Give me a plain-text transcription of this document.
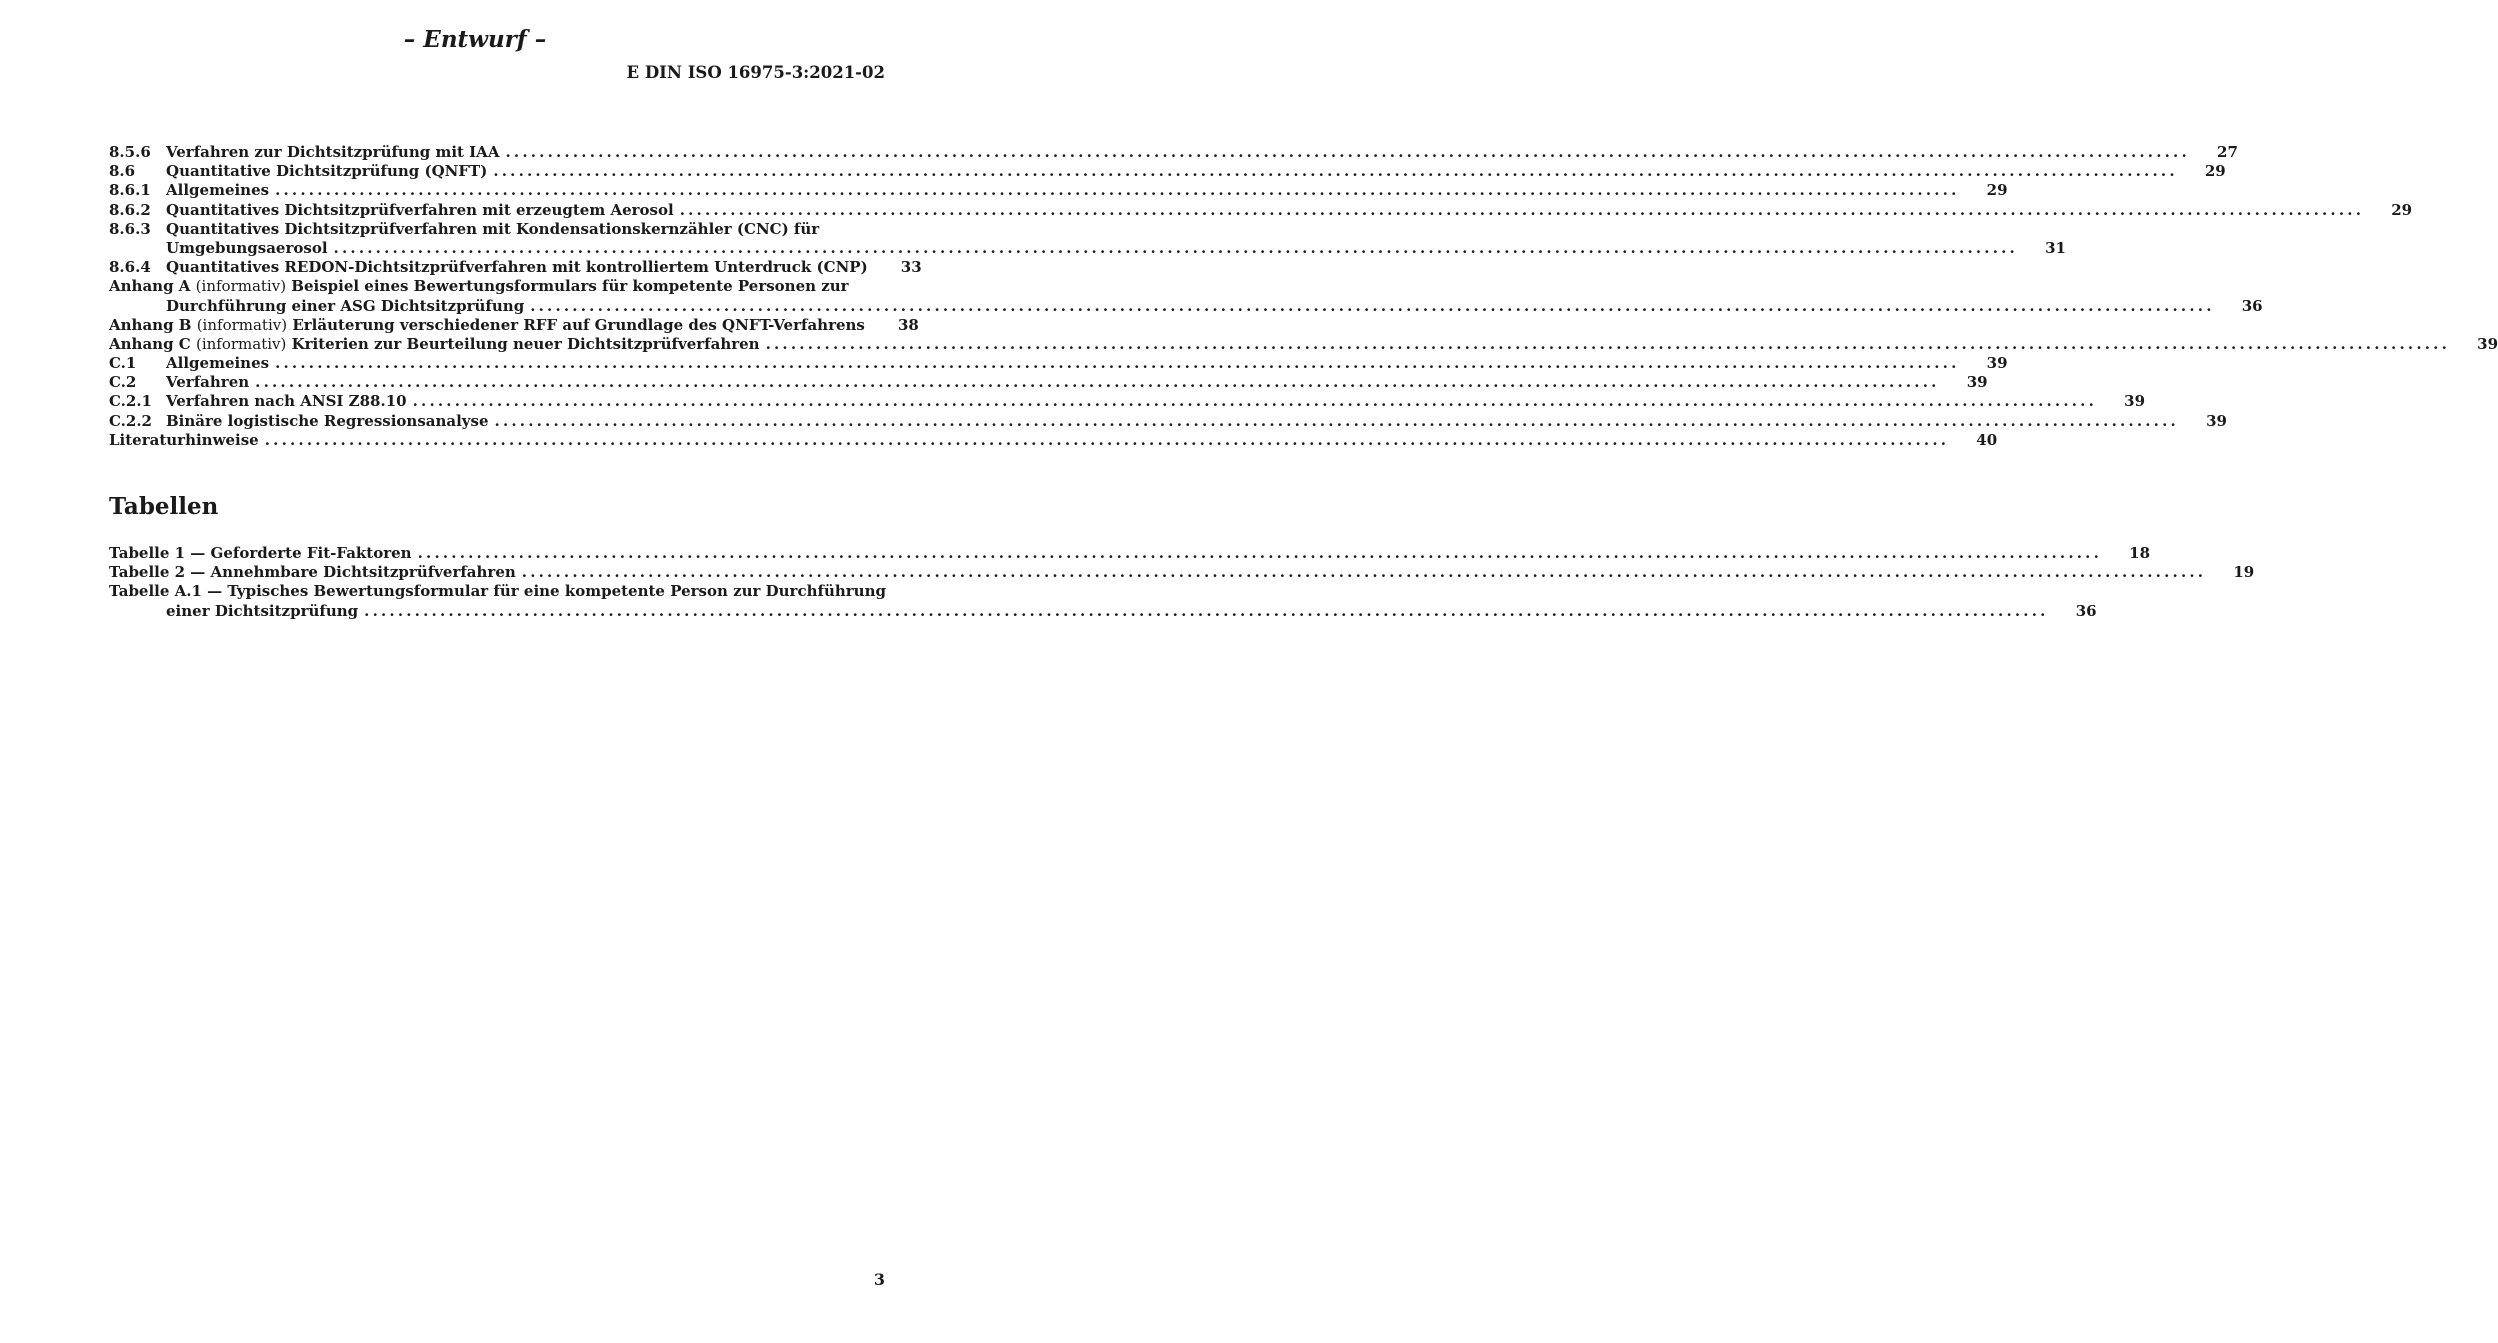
– Entwurf –
E DIN ISO 16975-3:2021-02
8.5.6	Verfahren zur Dichtsitzprüfung mit IAA ........................................................................................................................................................................................................ 27
8.6	Quantitative Dichtsitzprüfung (QNFT) ........................................................................................................................................................................................................ 29
8.6.1	Allgemeines ........................................................................................................................................................................................................ 29
8.6.2	Quantitatives Dichtsitzprüfverfahren mit erzeugtem Aerosol ........................................................................................................................................................................................................ 29
8.6.3	Quantitatives Dichtsitzprüfverfahren mit Kondensationskernzähler (CNC) für
Umgebungsaerosol ........................................................................................................................................................................................................ 31
8.6.4	Quantitatives REDON-Dichtsitzprüfverfahren mit kontrolliertem Unterdruck (CNP) 33
Anhang A (informativ) Beispiel eines Bewertungsformulars für kompetente Personen zur
Durchführung einer ASG Dichtsitzprüfung ........................................................................................................................................................................................................ 36
Anhang B (informativ) Erläuterung verschiedener RFF auf Grundlage des QNFT-Verfahrens 38
Anhang C (informativ) Kriterien zur Beurteilung neuer Dichtsitzprüfverfahren ........................................................................................................................................................................................................ 39
C.1	Allgemeines ........................................................................................................................................................................................................ 39
C.2	Verfahren ........................................................................................................................................................................................................ 39
C.2.1 Verfahren nach ANSI Z88.10 ........................................................................................................................................................................................................ 39
C.2.2 Binäre logistische Regressionsanalyse ........................................................................................................................................................................................................ 39
Literaturhinweise ........................................................................................................................................................................................................ 40
Tabellen
Tabelle 1 — Geforderte Fit-Faktoren ........................................................................................................................................................................................................ 18
Tabelle 2 — Annehmbare Dichtsitzprüfverfahren ........................................................................................................................................................................................................ 19
Tabelle A.1 — Typisches Bewertungsformular für eine kompetente Person zur Durchführung
einer Dichtsitzprüfung ........................................................................................................................................................................................................ 36
3
